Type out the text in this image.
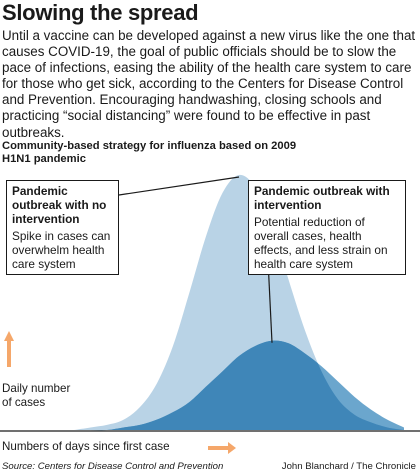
Slowing the spread
Until a vaccine can be developed against a new virus like the one that causes COVID-19, the goal of public officials should be to slow the pace of infections, easing the ability of the health care system to care for those who get sick, according to the Centers for Disease Control and Prevention. Encouraging handwashing, closing schools and practicing “social distancing” were found to be effective in past outbreaks.
Community-based strategy for influenza based on 2009 H1N1 pandemic
Pandemic outbreak with no intervention
Spike in cases can overwhelm health care system
Pandemic outbreak with intervention
Potential reduction of overall cases, health effects, and less strain on health care system
Daily number of cases
Numbers of days since first case
Source: Centers for Disease Control and Prevention	John Blanchard / The Chronicle
